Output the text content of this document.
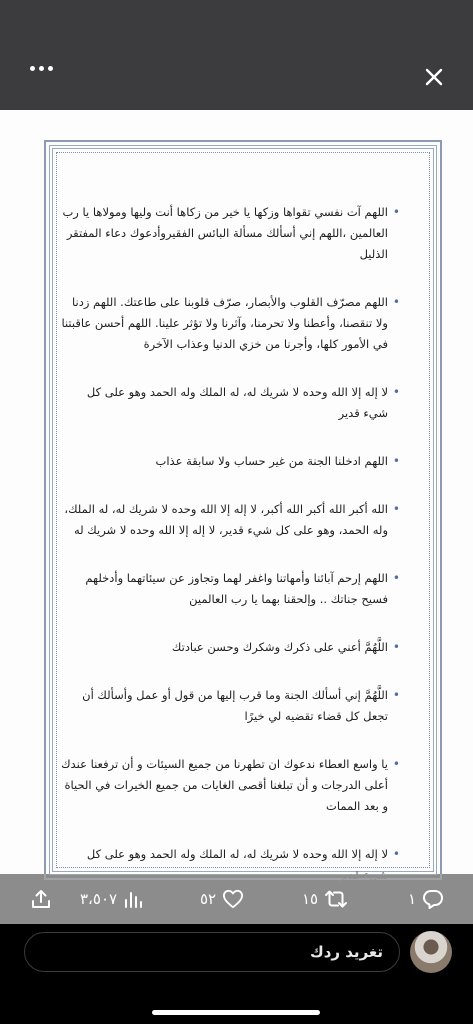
• اللهم آت نفسي تقواها وزكها يا خير من زكاها أنت وليها ومولاها يا رب العالمين ،اللهم إني أسألك مسألة البائس الفقيروأدعوك دعاء المفتقر الذليل

• اللهم مصرّف القلوب والأبصار، صرّف قلوبنا على طاعتك. اللهم زدنا ولا تنقصنا، وأعطنا ولا تحرمنا، وآثرنا ولا تؤثر علينا. اللهم أحسن عاقبتنا في الأمور كلها، وأجرنا من خزي الدنيا وعذاب الآخرة

• لا إله إلا الله وحده لا شريك له، له الملك وله الحمد وهو على كل شيء قدير

• اللهم ادخلنا الجنة من غير حساب ولا سابقة عذاب

• الله أكبر الله أكبر الله أكبر، لا إله إلا الله وحده لا شريك له، له الملك، وله الحمد، وهو على كل شيء قدير، لا إله إلا الله وحده لا شريك له

• اللهم إرحم آبائنا وأمهاتنا واغفر لهما وتجاوز عن سيئاتهما وأدخلهم فسيح جناتك .. وإلحقنا بهما يا رب العالمين

• اللَّهُمَّ أعني على ذكرك وشكرك وحسن عبادتك

• اللَّهُمَّ إني أسألك الجنة وما قرب إليها من قول أو عمل وأسألك أن تجعل كل قضاء تقضيه لي خيرًا

• يا واسع العطاء ندعوك ان تطهرنا من جميع السيئات و أن ترفعنا عندك أعلى الدرجات و أن تبلغنا أقصى الغايات من جميع الخيرات في الحياة و بعد الممات

• لا إله إلا الله وحده لا شريك له، له الملك وله الحمد وهو على كل

٣،٥٠٧	٥٢	١٥	١
تغريد ردك
